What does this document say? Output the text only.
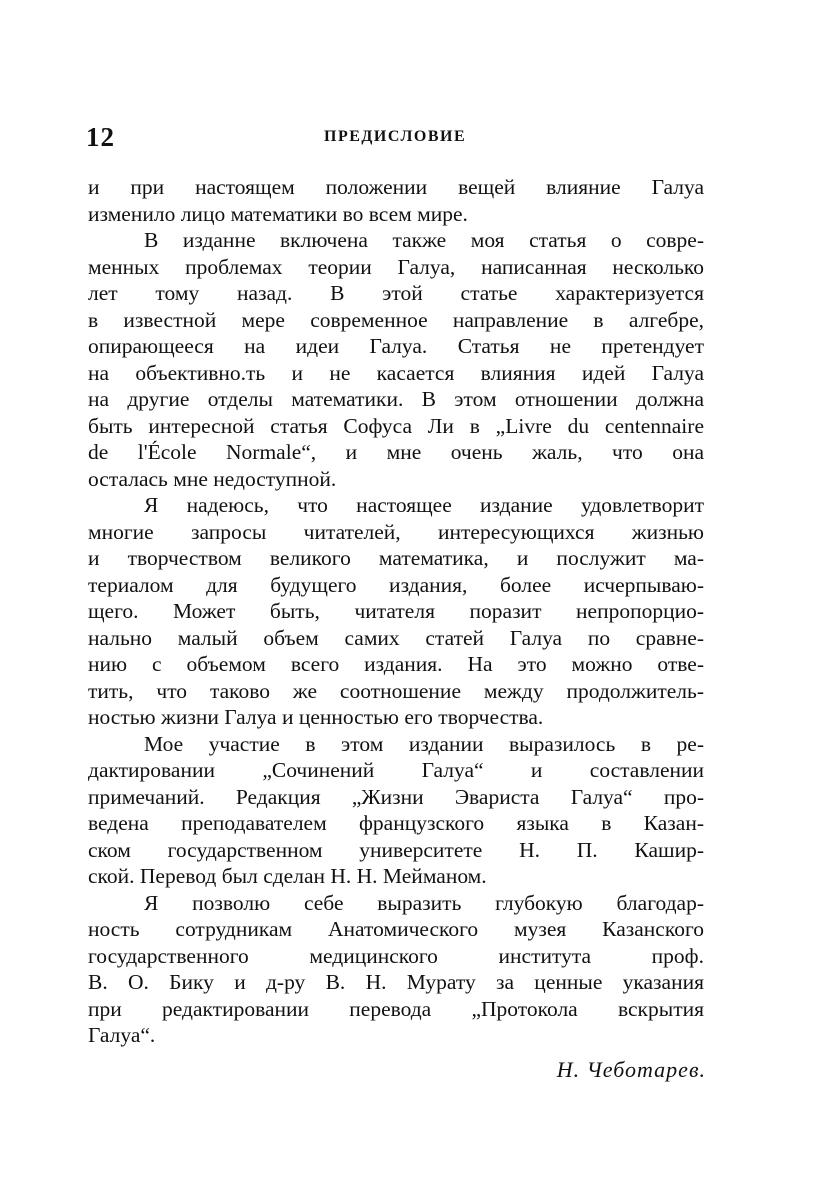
12	ПРЕДИСЛОВИЕ
и при настоящем положении вещей влияние Галуа
изменило лицо математики во всем мире.
В изданне включена также моя статья о совре-
менных проблемах теории Галуа, написанная несколько
лет тому назад. В этой статье характеризуется
в известной мере современное направление в алгебре,
опирающееся на идеи Галуа. Статья не претендует
на объективно.ть и не касается влияния идей Галуа
на другие отделы математики. В этом отношении должна
быть интересной статья Софуса Ли в „Livre du centennaire
de l'École Normale“, и мне очень жаль, что она
осталась мне недоступной.
Я надеюсь, что настоящее издание удовлетворит
многие запросы читателей, интересующихся жизнью
и творчеством великого математика, и послужит ма-
териалом для будущего издания, более исчерпываю-
щего. Может быть, читателя поразит непропорцио-
нально малый объем самих статей Галуа по сравне-
нию с объемом всего издания. На это можно отве-
тить, что таково же соотношение между продолжитель-
ностью жизни Галуа и ценностью его творчества.
Мое участие в этом издании выразилось в ре-
дактировании „Сочинений Галуа“ и составлении
примечаний. Редакция „Жизни Эвариста Галуа“ про-
ведена преподавателем французского языка в Казан-
ском государственном университете Н. П. Кашир-
ской. Перевод был сделан Н. Н. Мейманом.
Я позволю себе выразить глубокую благодар-
ность сотрудникам Анатомического музея Казанского
государственного медицинского института проф.
В. О. Бику и д-ру В. Н. Мурату за ценные указания
при редактировании перевода „Протокола вскрытия
Галуа“.
Н. Чеботарев.
